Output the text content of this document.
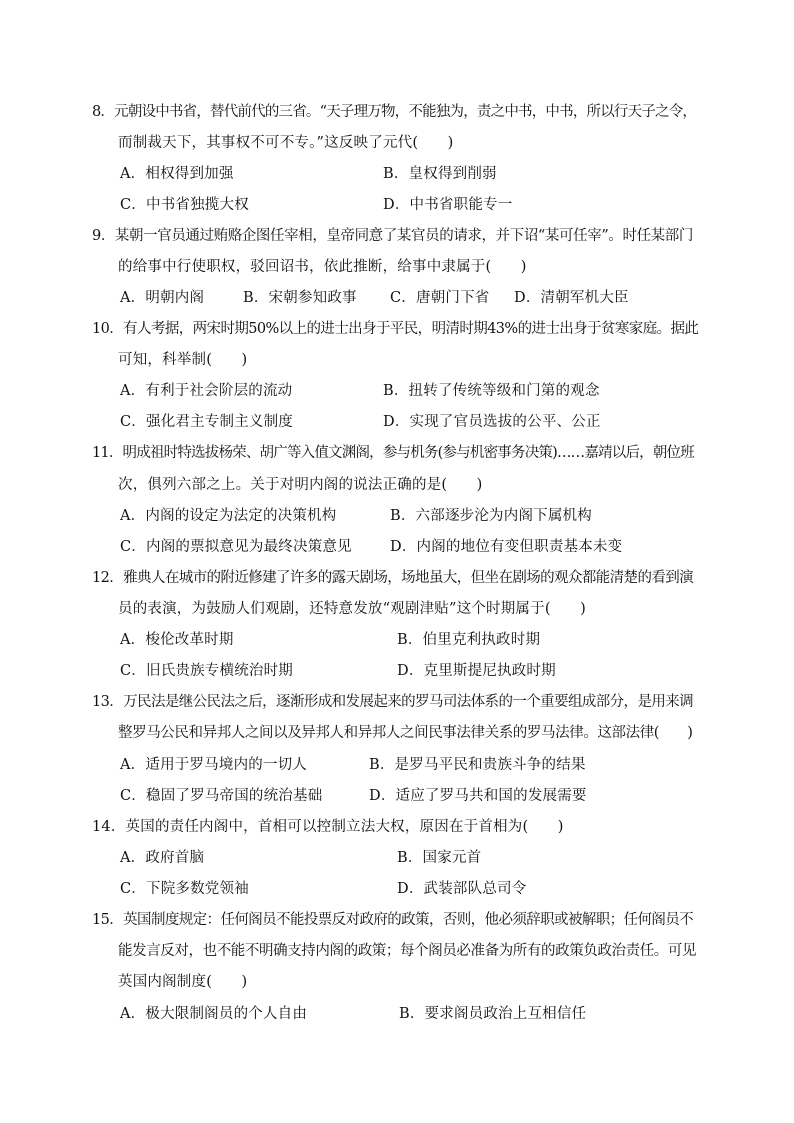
8．元朝设中书省，替代前代的三省。“天子理万物，不能独为，责之中书，中书，所以行天子之令，
而制裁天下，其事权不可不专。”这反映了元代(　　)
A．相权得到加强	B．皇权得到削弱
C．中书省独揽大权	D．中书省职能专一
9．某朝一官员通过贿赂企图任宰相，皇帝同意了某官员的请求，并下诏“某可任宰”。时任某部门
的给事中行使职权，驳回诏书，依此推断，给事中隶属于(　　)
A．明朝内阁	B．宋朝参知政事 C．唐朝门下省 D．清朝军机大臣
10．有人考据，两宋时期50%以上的进士出身于平民，明清时期43%的进士出身于贫寒家庭。据此
可知，科举制(　　)
A．有利于社会阶层的流动	B．扭转了传统等级和门第的观念
C．强化君主专制主义制度	D．实现了官员选拔的公平、公正
11．明成祖时特选拔杨荣、胡广等入值文渊阁，参与机务(参与机密事务决策)……嘉靖以后，朝位班
次，俱列六部之上。关于对明内阁的说法正确的是(　　)
A．内阁的设定为法定的决策机构	B．六部逐步沦为内阁下属机构
C．内阁的票拟意见为最终决策意见	D．内阁的地位有变但职责基本未变
12．雅典人在城市的附近修建了许多的露天剧场，场地虽大，但坐在剧场的观众都能清楚的看到演
员的表演，为鼓励人们观剧，还特意发放“观剧津贴”这个时期属于(　　)
A．梭伦改革时期	B．伯里克利执政时期
C．旧氏贵族专横统治时期	D．克里斯提尼执政时期
13．万民法是继公民法之后，逐渐形成和发展起来的罗马司法体系的一个重要组成部分，是用来调
整罗马公民和异邦人之间以及异邦人和异邦人之间民事法律关系的罗马法律。这部法律(　　)
A．适用于罗马境内的一切人	B．是罗马平民和贵族斗争的结果
C．稳固了罗马帝国的统治基础	D．适应了罗马共和国的发展需要
14．英国的责任内阁中，首相可以控制立法大权，原因在于首相为(　　)
A．政府首脑	B．国家元首
C．下院多数党领袖	D．武装部队总司令
15．英国制度规定：任何阁员不能投票反对政府的政策，否则，他必须辞职或被解职；任何阁员不
能发言反对，也不能不明确支持内阁的政策；每个阁员必准备为所有的政策负政治责任。可见
英国内阁制度(　　)
A．极大限制阁员的个人自由	B．要求阁员政治上互相信任
